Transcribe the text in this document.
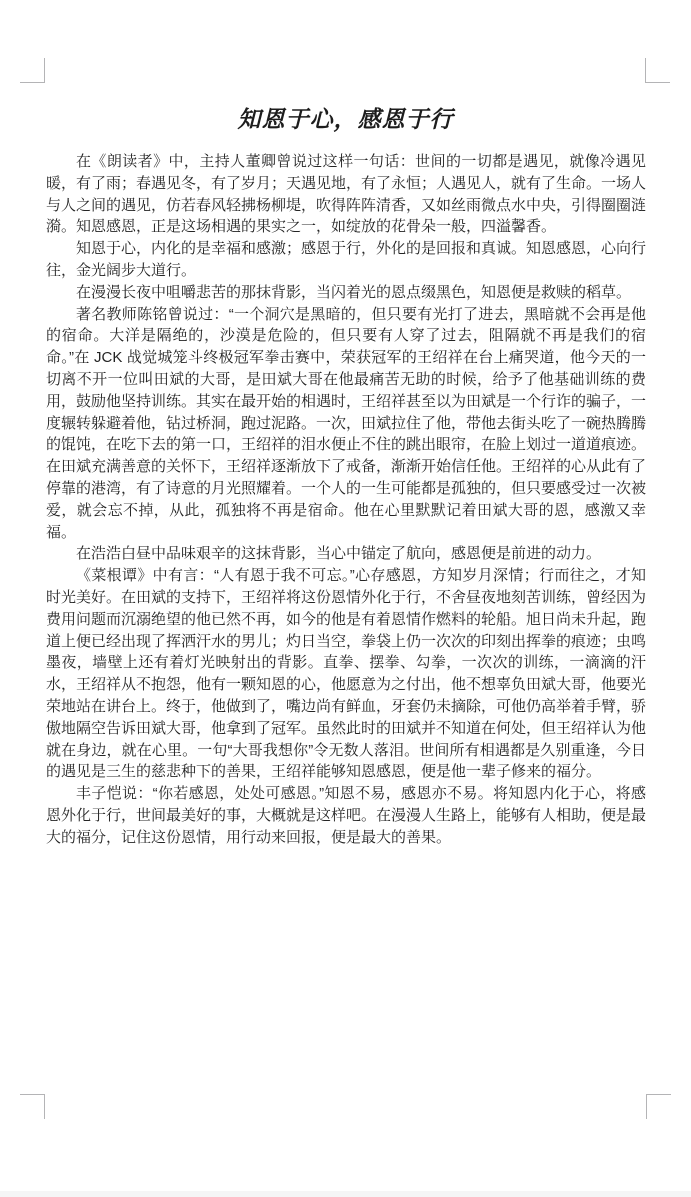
知恩于心，感恩于行

在《朗读者》中，主持人董卿曾说过这样一句话：世间的一切都是遇见，就像冷遇见暖，有了雨；春遇见冬，有了岁月；天遇见地，有了永恒；人遇见人，就有了生命。一场人与人之间的遇见，仿若春风轻拂杨柳堤，吹得阵阵清香，又如丝雨微点水中央，引得圈圈涟漪。知恩感恩，正是这场相遇的果实之一，如绽放的花骨朵一般，四溢馨香。

知恩于心，内化的是幸福和感激；感恩于行，外化的是回报和真诚。知恩感恩，心向行往，金光阔步大道行。

在漫漫长夜中咀嚼悲苦的那抹背影，当闪着光的恩点缀黑色，知恩便是救赎的稻草。

著名教师陈铭曾说过：“一个洞穴是黑暗的，但只要有光打了进去，黑暗就不会再是他的宿命。大洋是隔绝的，沙漠是危险的，但只要有人穿了过去，阻隔就不再是我们的宿命。”在 JCK 战觉城笼斗终极冠军拳击赛中，荣获冠军的王绍祥在台上痛哭道，他今天的一切离不开一位叫田斌的大哥，是田斌大哥在他最痛苦无助的时候，给予了他基础训练的费用，鼓励他坚持训练。其实在最开始的相遇时，王绍祥甚至以为田斌是一个行诈的骗子，一度辗转躲避着他，钻过桥洞，跑过泥路。一次，田斌拉住了他，带他去街头吃了一碗热腾腾的馄饨，在吃下去的第一口，王绍祥的泪水便止不住的跳出眼帘，在脸上划过一道道痕迹。在田斌充满善意的关怀下，王绍祥逐渐放下了戒备，渐渐开始信任他。王绍祥的心从此有了停靠的港湾，有了诗意的月光照耀着。一个人的一生可能都是孤独的，但只要感受过一次被爱，就会忘不掉，从此，孤独将不再是宿命。他在心里默默记着田斌大哥的恩，感激又幸福。

在浩浩白昼中品味艰辛的这抹背影，当心中锚定了航向，感恩便是前进的动力。

《菜根谭》中有言：“人有恩于我不可忘。”心存感恩，方知岁月深情；行而往之，才知时光美好。在田斌的支持下，王绍祥将这份恩情外化于行，不舍昼夜地刻苦训练，曾经因为费用问题而沉溺绝望的他已然不再，如今的他是有着恩情作燃料的轮船。旭日尚未升起，跑道上便已经出现了挥洒汗水的男儿；灼日当空，拳袋上仍一次次的印刻出挥拳的痕迹；虫鸣墨夜，墙壁上还有着灯光映射出的背影。直拳、摆拳、勾拳，一次次的训练，一滴滴的汗水，王绍祥从不抱怨，他有一颗知恩的心，他愿意为之付出，他不想辜负田斌大哥，他要光荣地站在讲台上。终于，他做到了，嘴边尚有鲜血，牙套仍未摘除，可他仍高举着手臂，骄傲地隔空告诉田斌大哥，他拿到了冠军。虽然此时的田斌并不知道在何处，但王绍祥认为他就在身边，就在心里。一句“大哥我想你”令无数人落泪。世间所有相遇都是久别重逢，今日的遇见是三生的慈悲种下的善果，王绍祥能够知恩感恩，便是他一辈子修来的福分。

丰子恺说：“你若感恩，处处可感恩。”知恩不易，感恩亦不易。将知恩内化于心，将感恩外化于行，世间最美好的事，大概就是这样吧。在漫漫人生路上，能够有人相助，便是最大的福分，记住这份恩情，用行动来回报，便是最大的善果。
